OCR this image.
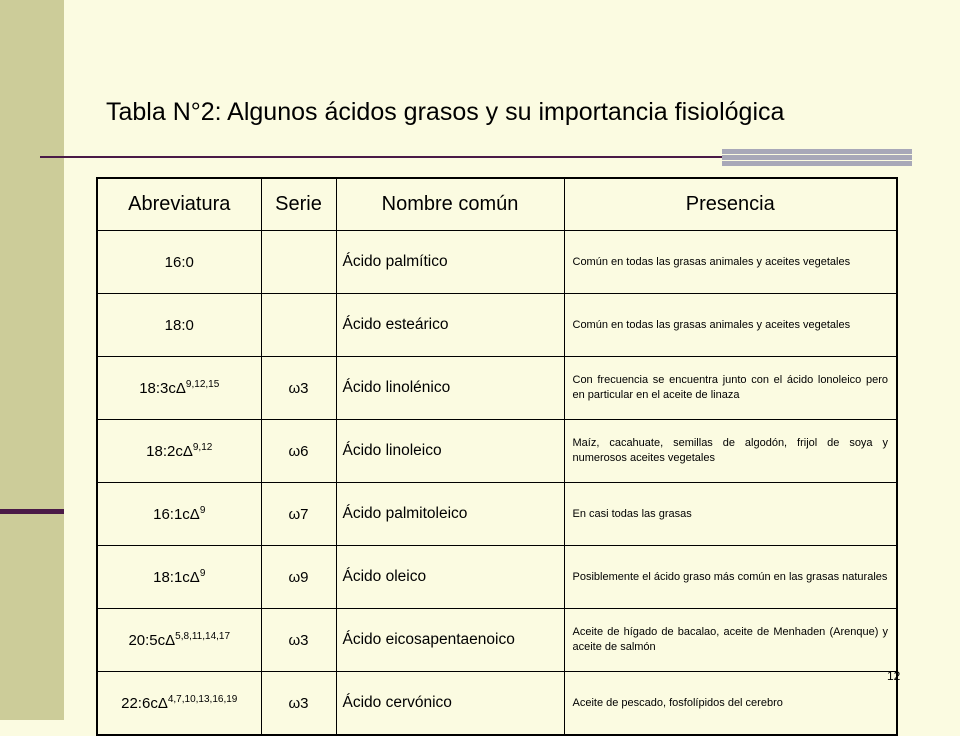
Tabla N°2: Algunos ácidos grasos y su importancia fisiológica
Abreviatura	Serie	Nombre común	Presencia
16:0		Ácido palmítico	Común en todas las grasas animales y aceites vegetales
18:0		Ácido esteárico	Común en todas las grasas animales y aceites vegetales
18:3cΔ$^{9,12,15}$	ω3	Ácido linolénico	Con frecuencia se encuentra junto con el ácido lonoleico pero en particular en el aceite de linaza
18:2cΔ$^{9,12}$	ω6	Ácido linoleico	Maíz, cacahuate, semillas de algodón, frijol de soya y numerosos aceites vegetales
$16:1c\Delta^9$	ω7	Ácido palmitoleico	En casi todas las grasas
$18:1c\Delta^9$	ω9	Ácido oleico	Posiblemente el ácido graso más común en las grasas naturales
20:5cΔ$^{5,8,11,14,17}$	ω3	Ácido eicosapentaenoico	Aceite de hígado de bacalao, aceite de Menhaden (Arenque) y aceite de salmón
22:6cΔ$^{4,7,10,13,16,19}$	ω3	Ácido cervónico	Aceite de pescado, fosfolípidos del cerebro
12
